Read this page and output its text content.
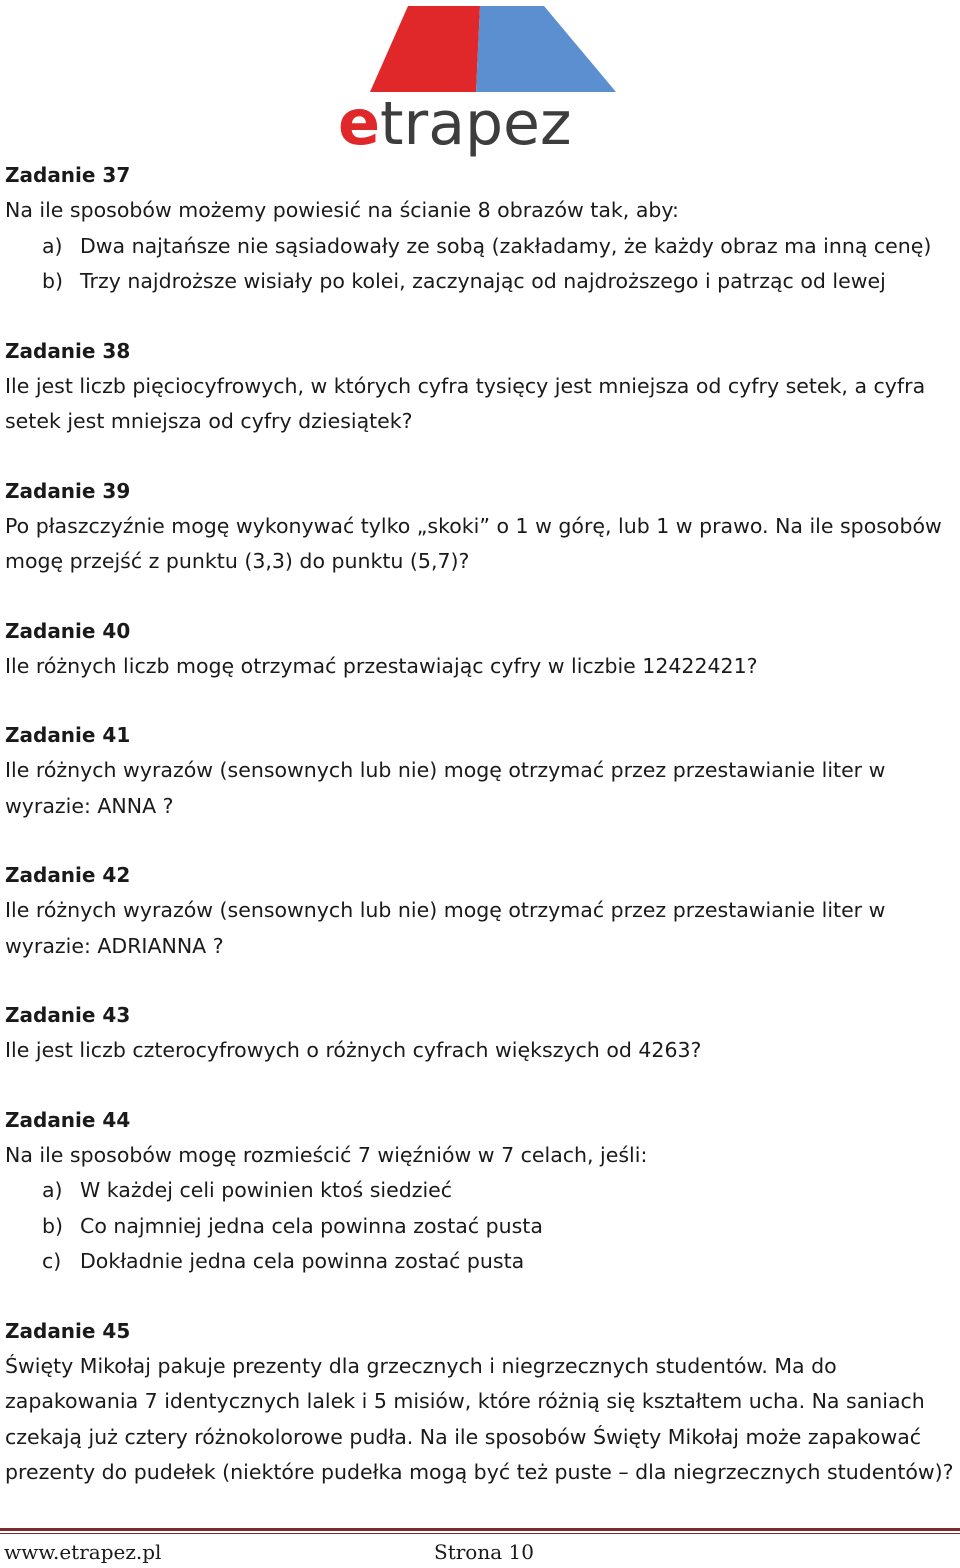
e trapez
Zadanie 37
Na ile sposobów możemy powiesić na ścianie 8 obrazów tak, aby:
a) Dwa najtańsze nie sąsiadowały ze sobą (zakładamy, że każdy obraz ma inną cenę)
b) Trzy najdroższe wisiały po kolei, zaczynając od najdroższego i patrząc od lewej
Zadanie 38
Ile jest liczb pięciocyfrowych, w których cyfra tysięcy jest mniejsza od cyfry setek, a cyfra setek jest mniejsza od cyfry dziesiątek?
Zadanie 39
Po płaszczyźnie mogę wykonywać tylko „skoki” o 1 w górę, lub 1 w prawo. Na ile sposobów mogę przejść z punktu (3,3) do punktu (5,7)?
Zadanie 40
Ile różnych liczb mogę otrzymać przestawiając cyfry w liczbie 12422421?
Zadanie 41
Ile różnych wyrazów (sensownych lub nie) mogę otrzymać przez przestawianie liter w wyrazie: ANNA ?
Zadanie 42
Ile różnych wyrazów (sensownych lub nie) mogę otrzymać przez przestawianie liter w wyrazie: ADRIANNA ?
Zadanie 43
Ile jest liczb czterocyfrowych o różnych cyfrach większych od 4263?
Zadanie 44
Na ile sposobów mogę rozmieścić 7 więźniów w 7 celach, jeśli:
a) W każdej celi powinien ktoś siedzieć
b) Co najmniej jedna cela powinna zostać pusta
c) Dokładnie jedna cela powinna zostać pusta
Zadanie 45
Święty Mikołaj pakuje prezenty dla grzecznych i niegrzecznych studentów. Ma do zapakowania 7 identycznych lalek i 5 misiów, które różnią się kształtem ucha. Na saniach czekają już cztery różnokolorowe pudła. Na ile sposobów Święty Mikołaj może zapakować prezenty do pudełek (niektóre pudełka mogą być też puste – dla niegrzecznych studentów)?
www.etrapez.pl	Strona 10
